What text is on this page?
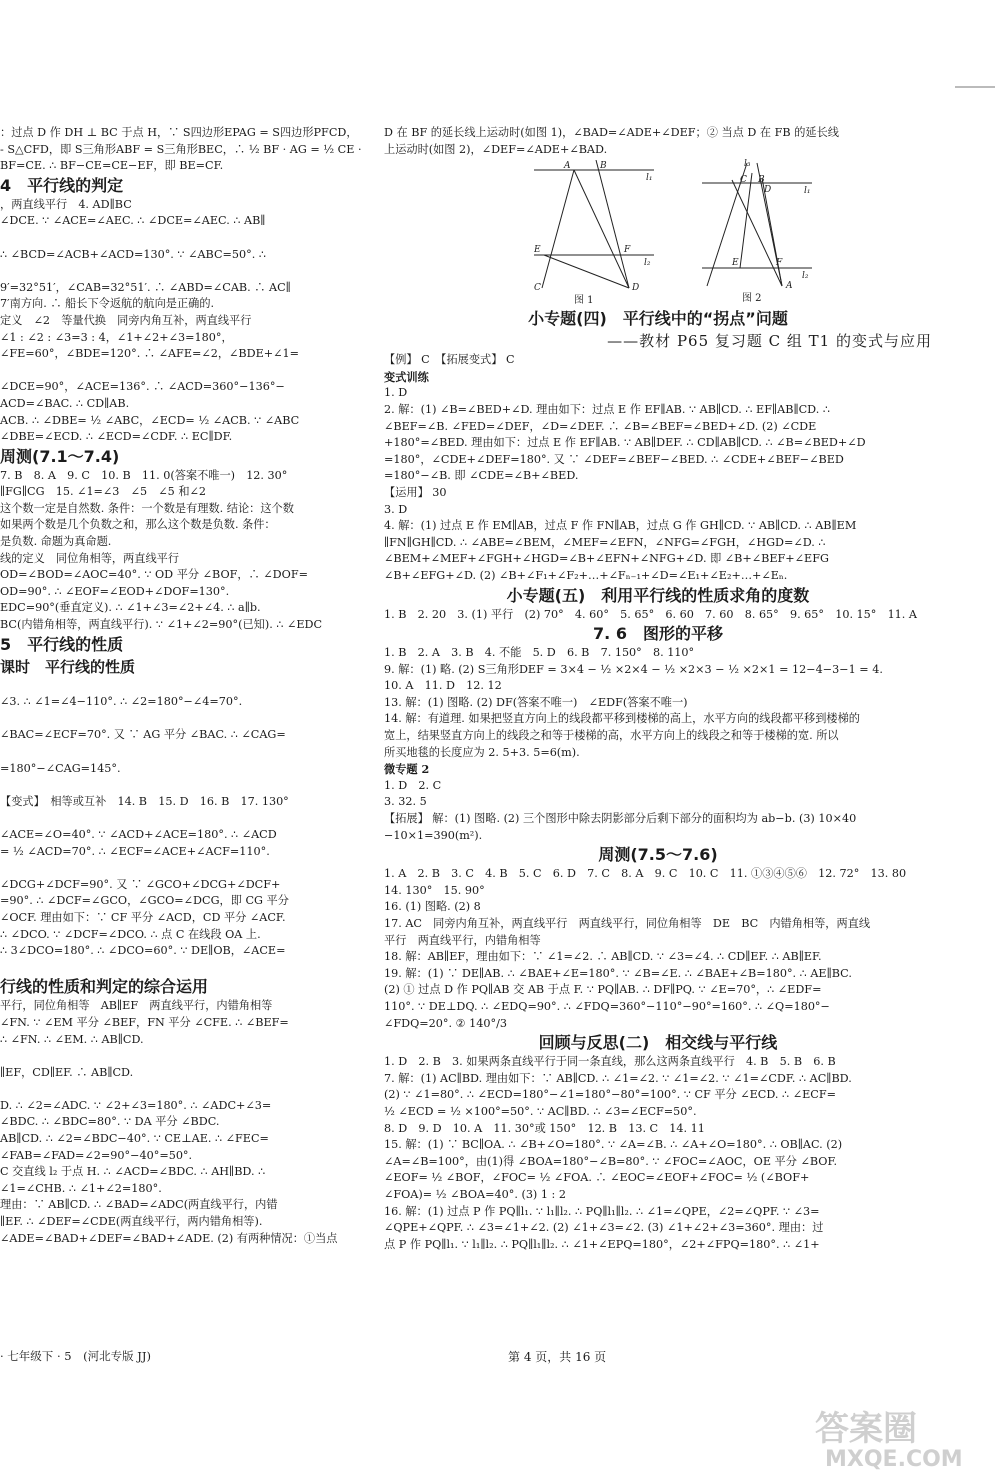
：过点 D 作 DH ⊥ BC 于点 H，∵ S四边形EPAG = S四边形PFCD，
- S△CFD，即 S三角形ABF = S三角形BEC，∴ ½ BF · AG = ½ CE ·
BF=CE. ∴ BF−CE=CE−EF，即 BE=CF.
4　平行线的判定
，两直线平行　4. AD∥BC
∠DCE. ∵ ∠ACE=∠AEC. ∴ ∠DCE=∠AEC. ∴ AB∥

∴ ∠BCD=∠ACB+∠ACD=130°. ∵ ∠ABC=50°. ∴

9′=32°51′，∠CAB=32°51′. ∴ ∠ABD=∠CAB. ∴ AC∥
7′南方向. ∴ 船长下令返航的航向是正确的.
定义　∠2　等量代换　同旁内角互补，两直线平行
∠1 : ∠2 : ∠3=3 : 4，∠1+∠2+∠3=180°，
∠FE=60°，∠BDE=120°. ∴ ∠AFE=∠2，∠BDE+∠1=

∠DCE=90°，∠ACE=136°. ∴ ∠ACD=360°−136°−
ACD=∠BAC. ∴ CD∥AB.
ACB. ∴ ∠DBE= ½ ∠ABC，∠ECD= ½ ∠ACB. ∵ ∠ABC
∠DBE=∠ECD. ∴ ∠ECD=∠CDF. ∴ EC∥DF.
周测(7.1～7.4)
7. B　8. A　9. C　10. B　11. 0(答案不唯一)　12. 30°
∥FG∥CG　15. ∠1=∠3　∠5　∠5 和∠2
这个数一定是自然数. 条件：一个数是有理数. 结论：这个数
如果两个数是几个负数之和，那么这个数是负数. 条件：
是负数. 命题为真命题.
线的定义　同位角相等，两直线平行
OD=∠BOD=∠AOC=40°. ∵ OD 平分 ∠BOF，∴ ∠DOF=
OD=90°. ∴ ∠EOF=∠EOD+∠DOF=130°.
EDC=90°(垂直定义). ∴ ∠1+∠3=∠2+∠4. ∴ a∥b.
BC(内错角相等，两直线平行). ∵ ∠1+∠2=90°(已知). ∴ ∠EDC
5　平行线的性质
课时　平行线的性质

∠3. ∴ ∠1=∠4−110°. ∴ ∠2=180°−∠4=70°.

∠BAC=∠ECF=70°. 又 ∵ AG 平分 ∠BAC. ∴ ∠CAG=

=180°−∠CAG=145°.

【变式】　相等或互补　14. B　15. D　16. B　17. 130°

∠ACE=∠O=40°. ∵ ∠ACD+∠ACE=180°. ∴ ∠ACD
= ½ ∠ACD=70°. ∴ ∠ECF=∠ACE+∠ACF=110°.

∠DCG+∠DCF=90°. 又 ∵ ∠GCO+∠DCG+∠DCF+
=90°. ∴ ∠DCF=∠GCO，∠GCO=∠DCG，即 CG 平分
∠OCF. 理由如下：∵ CF 平分 ∠ACD，CD 平分 ∠ACF.
∴ ∠DCO. ∵ ∠DCF=∠DCO. ∴ 点 C 在线段 OA 上.
∴ 3∠DCO=180°. ∴ ∠DCO=60°. ∵ DE∥OB，∠ACE=

行线的性质和判定的综合运用
平行，同位角相等　AB∥EF　两直线平行，内错角相等
∠FN. ∵ ∠EM 平分 ∠BEF，FN 平分 ∠CFE. ∴ ∠BEF=
∴ ∠FN. ∴ ∠EM. ∴ AB∥CD.

∥EF，CD∥EF. ∴ AB∥CD.

D. ∴ ∠2=∠ADC. ∵ ∠2+∠3=180°. ∴ ∠ADC+∠3=
∠BDC. ∴ ∠BDC=80°. ∵ DA 平分 ∠BDC.
AB∥CD. ∴ ∠2=∠BDC−40°. ∵ CE⊥AE. ∴ ∠FEC=
∠FAB=∠FAD=∠2=90°−40°=50°.
C 交直线 l₂ 于点 H. ∴ ∠ACD=∠BDC. ∴ AH∥BD. ∴
∠1=∠CHB. ∴ ∠1+∠2=180°.
理由：∵ AB∥CD. ∴ ∠BAD=∠ADC(两直线平行，内错
∥EF. ∴ ∠DEF=∠CDE(两直线平行，两内错角相等).
∠ADE=∠BAD+∠DEF=∠BAD+∠ADE. (2) 有两种情况：①当点
D 在 BF 的延长线上运动时(如图 1)，∠BAD=∠ADE+∠DEF；② 当点 D 在 FB 的延长线
上运动时(如图 2)，∠DEF=∠ADE+∠BAD.
A	B
l₁
E	F
l₂
C	D
图 1
l₃
C B
l₁
D
F
l₂
E
A
图 2
小专题(四)　平行线中的“拐点”问题
——教材 P65 复习题 C 组 T1 的变式与应用
【例】 C　【拓展变式】 C
变式训练
1. D
2. 解：(1) ∠B=∠BED+∠D. 理由如下：过点 E 作 EF∥AB. ∵ AB∥CD. ∴ EF∥AB∥CD. ∴
∠BEF=∠B. ∠FED=∠DEF，∠D=∠DEF. ∴ ∠B=∠BEF=∠BED+∠D. (2) ∠CDE
+180°=∠BED. 理由如下：过点 E 作 EF∥AB. ∵ AB∥DEF. ∴ CD∥AB∥CD. ∴ ∠B=∠BED+∠D
=180°，∠CDE+∠DEF=180°. 又 ∵ ∠DEF=∠BEF−∠BED. ∴ ∠CDE+∠BEF−∠BED
=180°−∠B. 即 ∠CDE=∠B+∠BED.
【运用】 30
3. D
4. 解：(1) 过点 E 作 EM∥AB，过点 F 作 FN∥AB，过点 G 作 GH∥CD. ∵ AB∥CD. ∴ AB∥EM
∥FN∥GH∥CD. ∴ ∠ABE=∠BEM，∠MEF=∠EFN，∠NFG=∠FGH，∠HGD=∠D. ∴
∠BEM+∠MEF+∠FGH+∠HGD=∠B+∠EFN+∠NFG+∠D. 即 ∠B+∠BEF+∠EFG
∠B+∠EFG+∠D. (2) ∠B+∠F₁+∠F₂+…+∠Fₙ₋₁+∠D=∠E₁+∠E₂+…+∠Eₙ.
小专题(五)　利用平行线的性质求角的度数
1. B　2. 20　3. (1) 平行　(2) 70°　4. 60°　5. 65°　6. 60　7. 60　8. 65°　9. 65°　10. 15°　11. A
7. 6　图形的平移
1. B　2. A　3. B　4. 不能　5. D　6. B　7. 150°　8. 110°
9. 解：(1) 略. (2) S三角形DEF = 3×4 − ½ ×2×4 − ½ ×2×3 − ½ ×2×1 = 12−4−3−1 = 4.
10. A　11. D　12. 12
13. 解：(1) 图略. (2) DF(答案不唯一)　∠EDF(答案不唯一)
14. 解：有道理. 如果把竖直方向上的线段都平移到楼梯的高上，水平方向的线段都平移到楼梯的
宽上，结果竖直方向上的线段之和等于楼梯的高，水平方向上的线段之和等于楼梯的宽. 所以
所买地毯的长度应为 2. 5+3. 5=6(m).
微专题 2
1. D　2. C
3. 32. 5
【拓展】 解：(1) 图略. (2) 三个图形中除去阴影部分后剩下部分的面积均为 ab−b. (3) 10×40
−10×1=390(m²).
周测(7.5～7.6)
1. A　2. B　3. C　4. B　5. C　6. D　7. C　8. A　9. C　10. C　11. ①③④⑤⑥　12. 72°　13. 80
14. 130°　15. 90°
16. (1) 图略. (2) 8
17. AC　同旁内角互补，两直线平行　两直线平行，同位角相等　DE　BC　内错角相等，两直线
平行　两直线平行，内错角相等
18. 解：AB∥EF，理由如下：∵ ∠1=∠2. ∴ AB∥CD. ∵ ∠3=∠4. ∴ CD∥EF. ∴ AB∥EF.
19. 解：(1) ∵ DE∥AB. ∴ ∠BAE+∠E=180°. ∵ ∠B=∠E. ∴ ∠BAE+∠B=180°. ∴ AE∥BC.
(2) ① 过点 D 作 PQ∥AB 交 AB 于点 F. ∵ PQ∥AB. ∴ DF∥PQ. ∵ ∠E=70°，∴ ∠EDF=
110°. ∵ DE⊥DQ. ∴ ∠EDQ=90°. ∴ ∠FDQ=360°−110°−90°=160°. ∴ ∠Q=180°−
∠FDQ=20°. ② 140°/3
回顾与反思(二)　相交线与平行线
1. D　2. B　3. 如果两条直线平行于同一条直线，那么这两条直线平行　4. B　5. B　6. B
7. 解：(1) AC∥BD. 理由如下：∵ AB∥CD. ∴ ∠1=∠2. ∵ ∠1=∠2. ∵ ∠1=∠CDF. ∴ AC∥BD.
(2) ∵ ∠1=80°. ∴ ∠ECD=180°−∠1=180°−80°=100°. ∵ CF 平分 ∠ECD. ∴ ∠ECF=
½ ∠ECD = ½ ×100°=50°. ∵ AC∥BD. ∴ ∠3=∠ECF=50°.
8. D　9. D　10. A　11. 30°或 150°　12. B　13. C　14. 11
15. 解：(1) ∵ BC∥OA. ∴ ∠B+∠O=180°. ∵ ∠A=∠B. ∴ ∠A+∠O=180°. ∴ OB∥AC. (2)
∠A=∠B=100°，由(1)得 ∠BOA=180°−∠B=80°. ∵ ∠FOC=∠AOC，OE 平分 ∠BOF.
∠EOF= ½ ∠BOF，∠FOC= ½ ∠FOA. ∴ ∠EOC=∠EOF+∠FOC= ½ (∠BOF+
∠FOA)= ½ ∠BOA=40°. (3) 1 : 2
16. 解：(1) 过点 P 作 PQ∥l₁. ∵ l₁∥l₂. ∴ PQ∥l₁∥l₂. ∴ ∠1=∠QPE，∠2=∠QPF. ∵ ∠3=
∠QPE+∠QPF. ∴ ∠3=∠1+∠2. (2) ∠1+∠3=∠2. (3) ∠1+∠2+∠3=360°. 理由：过
点 P 作 PQ∥l₁. ∵ l₁∥l₂. ∴ PQ∥l₁∥l₂. ∴ ∠1+∠EPQ=180°，∠2+∠FPQ=180°. ∴ ∠1+
· 七年级下 · 5　(河北专版 JJ)	第 4 页，共 16 页
答案圈
MXQE.COM
